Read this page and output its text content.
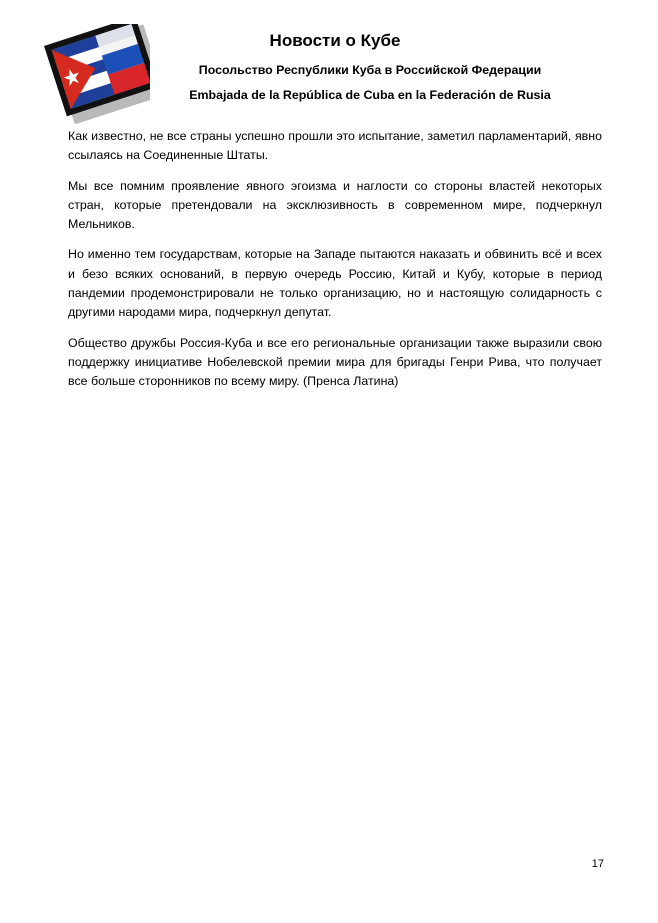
Новости о Кубе
Посольство Республики Куба в Российской Федерации
Embajada de la República de Cuba en la Federación de Rusia

Как известно, не все страны успешно прошли это испытание, заметил парламентарий, явно ссылаясь на Соединенные Штаты.

Мы все помним проявление явного эгоизма и наглости со стороны властей некоторых стран, которые претендовали на эксклюзивность в современном мире, подчеркнул Мельников.

Но именно тем государствам, которые на Западе пытаются наказать и обвинить всё и всех и безо всяких оснований, в первую очередь Россию, Китай и Кубу, которые в период пандемии продемонстрировали не только организацию, но и настоящую солидарность с другими народами мира, подчеркнул депутат.

Общество дружбы Россия-Куба и все его региональные организации также выразили свою поддержку инициативе Нобелевской премии мира для бригады Генри Рива, что получает все больше сторонников по всему миру. (Пренса Латина)

17
